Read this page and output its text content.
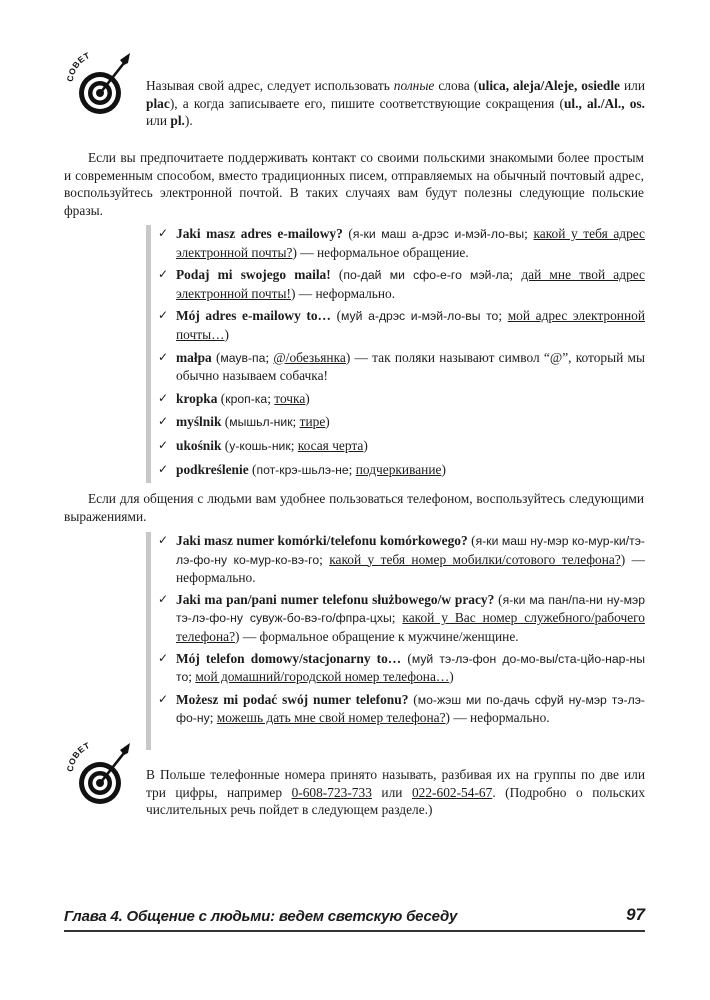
СОВЕТ
Называя свой адрес, следует использовать полные слова (ulica, aleja/Aleje, osiedle или plac), а когда записываете его, пишите соответствующие сокращения (ul., al./Al., os. или pl.).
Если вы предпочитаете поддерживать контакт со своими польскими знакомыми более простым и современным способом, вместо традиционных писем, отправляемых на обычный почтовый адрес, воспользуйтесь электронной почтой. В таких случаях вам будут полезны следующие польские фразы.
✓ Jaki masz adres e-mailowy? (я-ки маш а-дрэс и-мэй-ло-вы; какой у тебя адрес электронной почты?) — неформальное обращение.
✓ Podaj mi swojego maila! (по-дай ми сфо-е-го мэй-ла; дай мне твой адрес электронной почты!) — неформально.
✓ Mój adres e-mailowy to… (муй а-дрэс и-мэй-ло-вы то; мой адрес электронной почты…)
✓ małpa (маув-па; @/обезьянка) — так поляки называют символ “@”, который мы обычно называем собачка!
✓ kropka (кроп-ка; точка)
✓ myślnik (мышьл-ник; тире)
✓ ukośnik (у-кошь-ник; косая черта)
✓ podkreślenie (пот-крэ-шьлэ-не; подчеркивание)
Если для общения с людьми вам удобнее пользоваться телефоном, воспользуйтесь следующими выражениями.
✓ Jaki masz numer komórki/telefonu komórkowego? (я-ки маш ну-мэр ко-мур-ки/тэ-лэ-фо-ну ко-мур-ко-вэ-го; какой у тебя номер мобилки/сотового телефона?) — неформально.
✓ Jaki ma pan/pani numer telefonu służbowego/w pracy? (я-ки ма пан/па-ни ну-мэр тэ-лэ-фо-ну сувуж-бо-вэ-го/фпра-цхы; какой у Вас номер служебного/рабочего телефона?) — формальное обращение к мужчине/женщине.
✓ Mój telefon domowy/stacjonarny to… (муй тэ-лэ-фон до-мо-вы/ста-цйо-нар-ны то; мой домашний/городской номер телефона…)
✓ Możesz mi podać swój numer telefonu? (мо-жэш ми по-дачь сфуй ну-мэр тэ-лэ-фо-ну; можешь дать мне свой номер телефона?) — неформально.
СОВЕТ
В Польше телефонные номера принято называть, разбивая их на группы по две или три цифры, например 0-608-723-733 или 022-602-54-67. (Подробно о польских числительных речь пойдет в следующем разделе.)
Глава 4. Общение с людьми: ведем светскую беседу	97
